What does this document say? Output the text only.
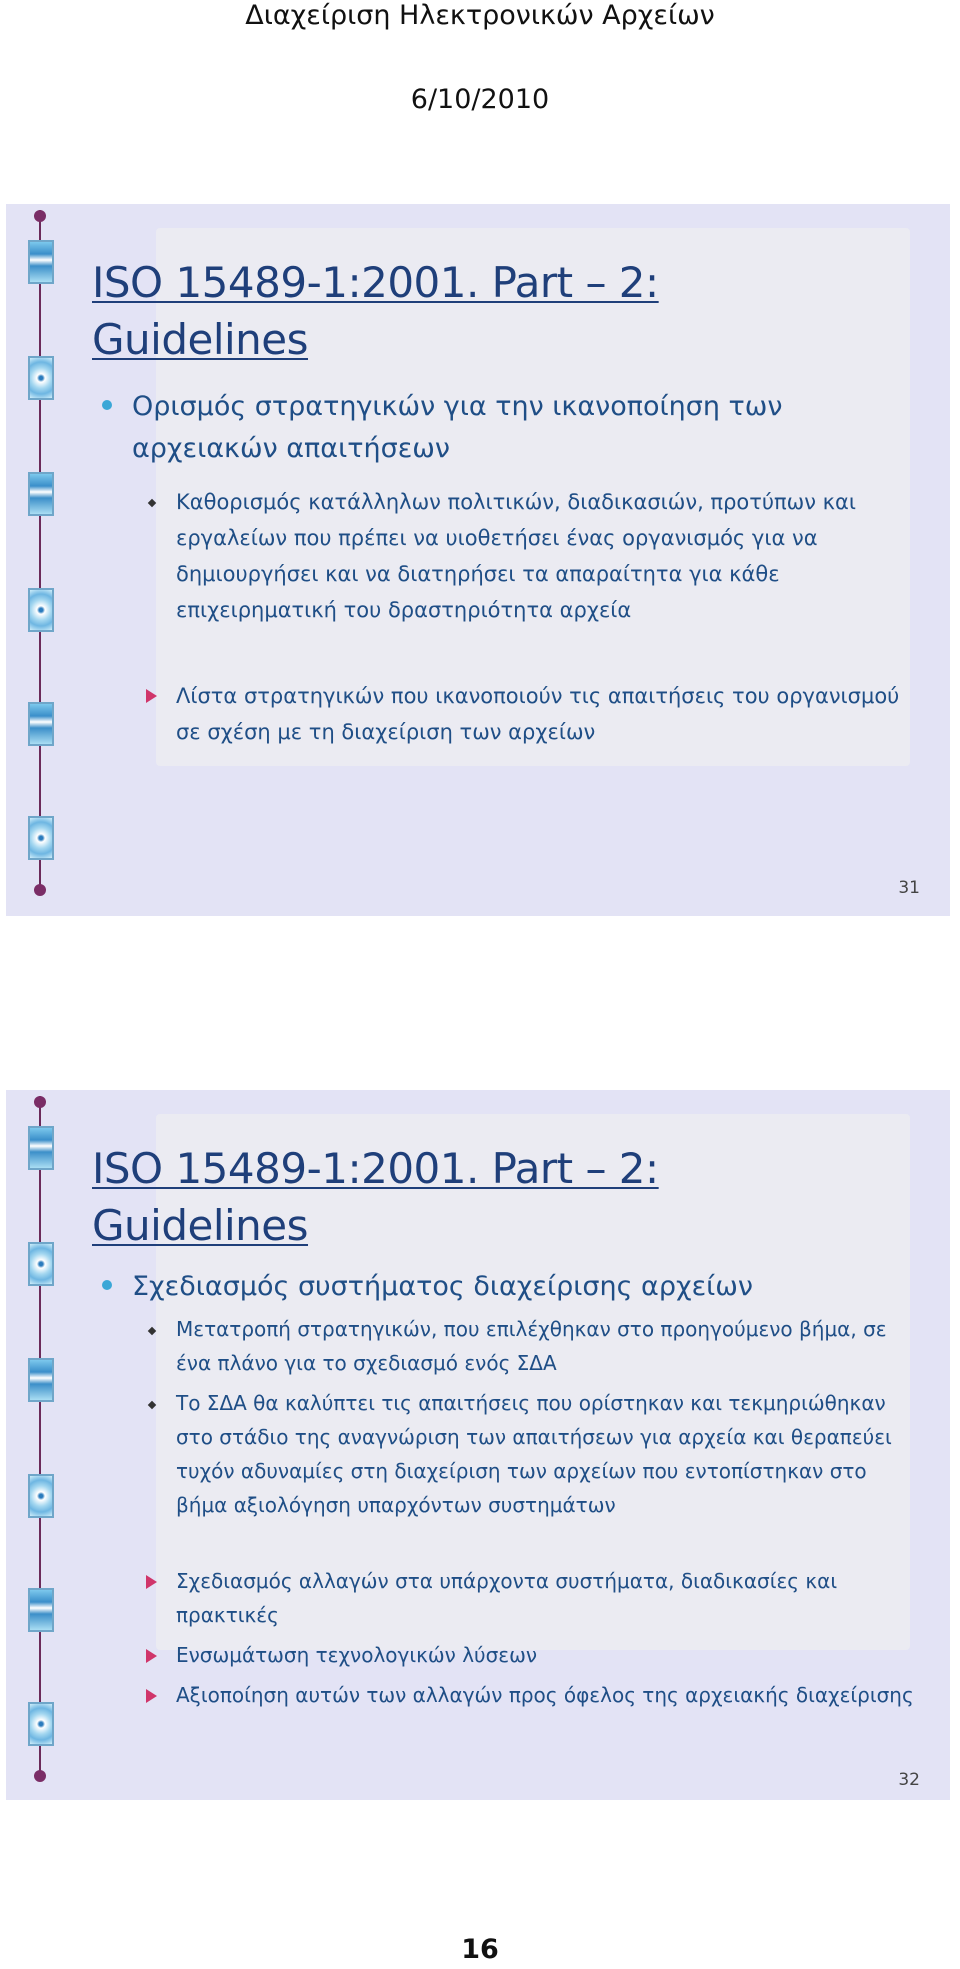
Διαχείριση Ηλεκτρονικών Αρχείων
6/10/2010
ISO 15489-1:2001. Part – 2: Guidelines
Ορισμός στρατηγικών για την ικανοποίηση των αρχειακών απαιτήσεων
Καθορισμός κατάλληλων πολιτικών, διαδικασιών, προτύπων και εργαλείων που πρέπει να υιοθετήσει ένας οργανισμός για να δημιουργήσει και να διατηρήσει τα απαραίτητα για κάθε επιχειρηματική του δραστηριότητα αρχεία
Λίστα στρατηγικών που ικανοποιούν τις απαιτήσεις του οργανισμού σε σχέση με τη διαχείριση των αρχείων
31
ISO 15489-1:2001. Part – 2: Guidelines
Σχεδιασμός συστήματος διαχείρισης αρχείων
Μετατροπή στρατηγικών, που επιλέχθηκαν στο προηγούμενο βήμα, σε ένα πλάνο για το σχεδιασμό ενός ΣΔΑ
Το ΣΔΑ θα καλύπτει τις απαιτήσεις που ορίστηκαν και τεκμηριώθηκαν στο στάδιο της αναγνώριση των απαιτήσεων για αρχεία και θεραπεύει τυχόν αδυναμίες στη διαχείριση των αρχείων που εντοπίστηκαν στο βήμα αξιολόγηση υπαρχόντων συστημάτων
Σχεδιασμός αλλαγών στα υπάρχοντα συστήματα, διαδικασίες και πρακτικές
Ενσωμάτωση τεχνολογικών λύσεων
Αξιοποίηση αυτών των αλλαγών προς όφελος της αρχειακής διαχείρισης
32
16
